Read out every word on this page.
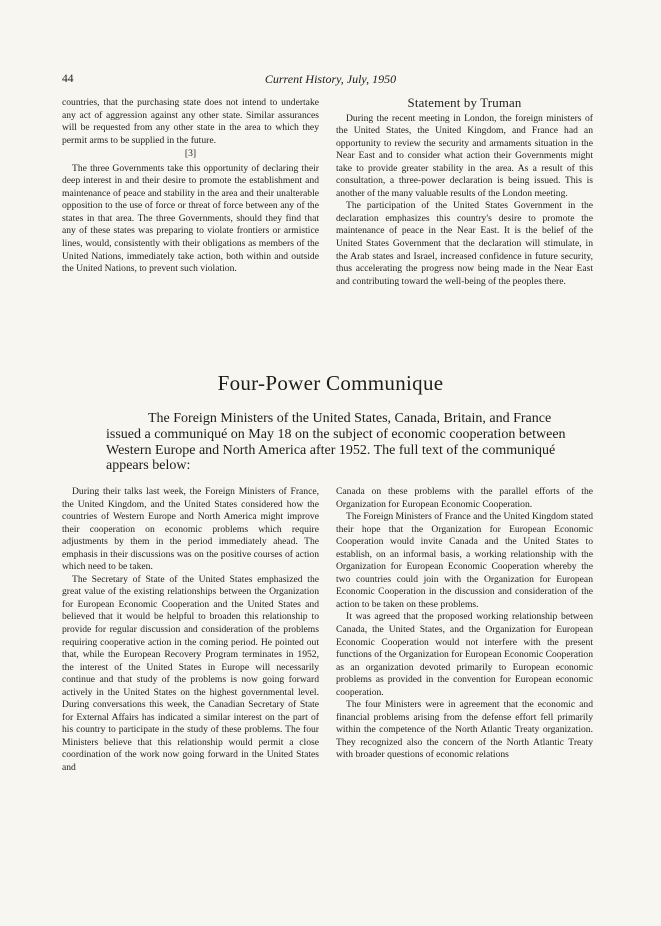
44	Current History, July, 1950

countries, that the purchasing state does not intend to undertake any act of aggression against any other state. Similar assurances will be requested from any other state in the area to which they permit arms to be supplied in the future.

[3]

The three Governments take this opportunity of declaring their deep interest in and their desire to promote the establishment and maintenance of peace and stability in the area and their unalterable opposition to the use of force or threat of force between any of the states in that area. The three Governments, should they find that any of these states was preparing to violate frontiers or armistice lines, would, consistently with their obligations as members of the United Nations, immediately take action, both within and outside the United Nations, to prevent such violation.

Statement by Truman

During the recent meeting in London, the foreign ministers of the United States, the United Kingdom, and France had an opportunity to review the security and armaments situation in the Near East and to consider what action their Governments might take to provide greater stability in the area. As a result of this consultation, a three-power declaration is being issued. This is another of the many valuable results of the London meeting.

The participation of the United States Government in the declaration emphasizes this country's desire to promote the maintenance of peace in the Near East. It is the belief of the United States Government that the declaration will stimulate, in the Arab states and Israel, increased confidence in future security, thus accelerating the progress now being made in the Near East and contributing toward the well-being of the peoples there.

Four-Power Communique

The Foreign Ministers of the United States, Canada, Britain, and France issued a communiqué on May 18 on the subject of economic cooperation between Western Europe and North America after 1952. The full text of the communiqué appears below:

During their talks last week, the Foreign Ministers of France, the United Kingdom, and the United States considered how the countries of Western Europe and North America might improve their cooperation on economic problems which require adjustments by them in the period immediately ahead. The emphasis in their discussions was on the positive courses of action which need to be taken.

The Secretary of State of the United States emphasized the great value of the existing relationships between the Organization for European Economic Cooperation and the United States and believed that it would be helpful to broaden this relationship to provide for regular discussion and consideration of the problems requiring cooperative action in the coming period. He pointed out that, while the European Recovery Program terminates in 1952, the interest of the United States in Europe will necessarily continue and that study of the problems is now going forward actively in the United States on the highest governmental level. During conversations this week, the Canadian Secretary of State for External Affairs has indicated a similar interest on the part of his country to participate in the study of these problems. The four Ministers believe that this relationship would permit a close coordination of the work now going forward in the United States and

Canada on these problems with the parallel efforts of the Organization for European Economic Cooperation.

The Foreign Ministers of France and the United Kingdom stated their hope that the Organization for European Economic Cooperation would invite Canada and the United States to establish, on an informal basis, a working relationship with the Organization for European Economic Cooperation whereby the two countries could join with the Organization for European Economic Cooperation in the discussion and consideration of the action to be taken on these problems.

It was agreed that the proposed working relationship between Canada, the United States, and the Organization for European Economic Cooperation would not interfere with the present functions of the Organization for European Economic Cooperation as an organization devoted primarily to European economic problems as provided in the convention for European economic cooperation.

The four Ministers were in agreement that the economic and financial problems arising from the defense effort fell primarily within the competence of the North Atlantic Treaty organization. They recognized also the concern of the North Atlantic Treaty with broader questions of economic relations
